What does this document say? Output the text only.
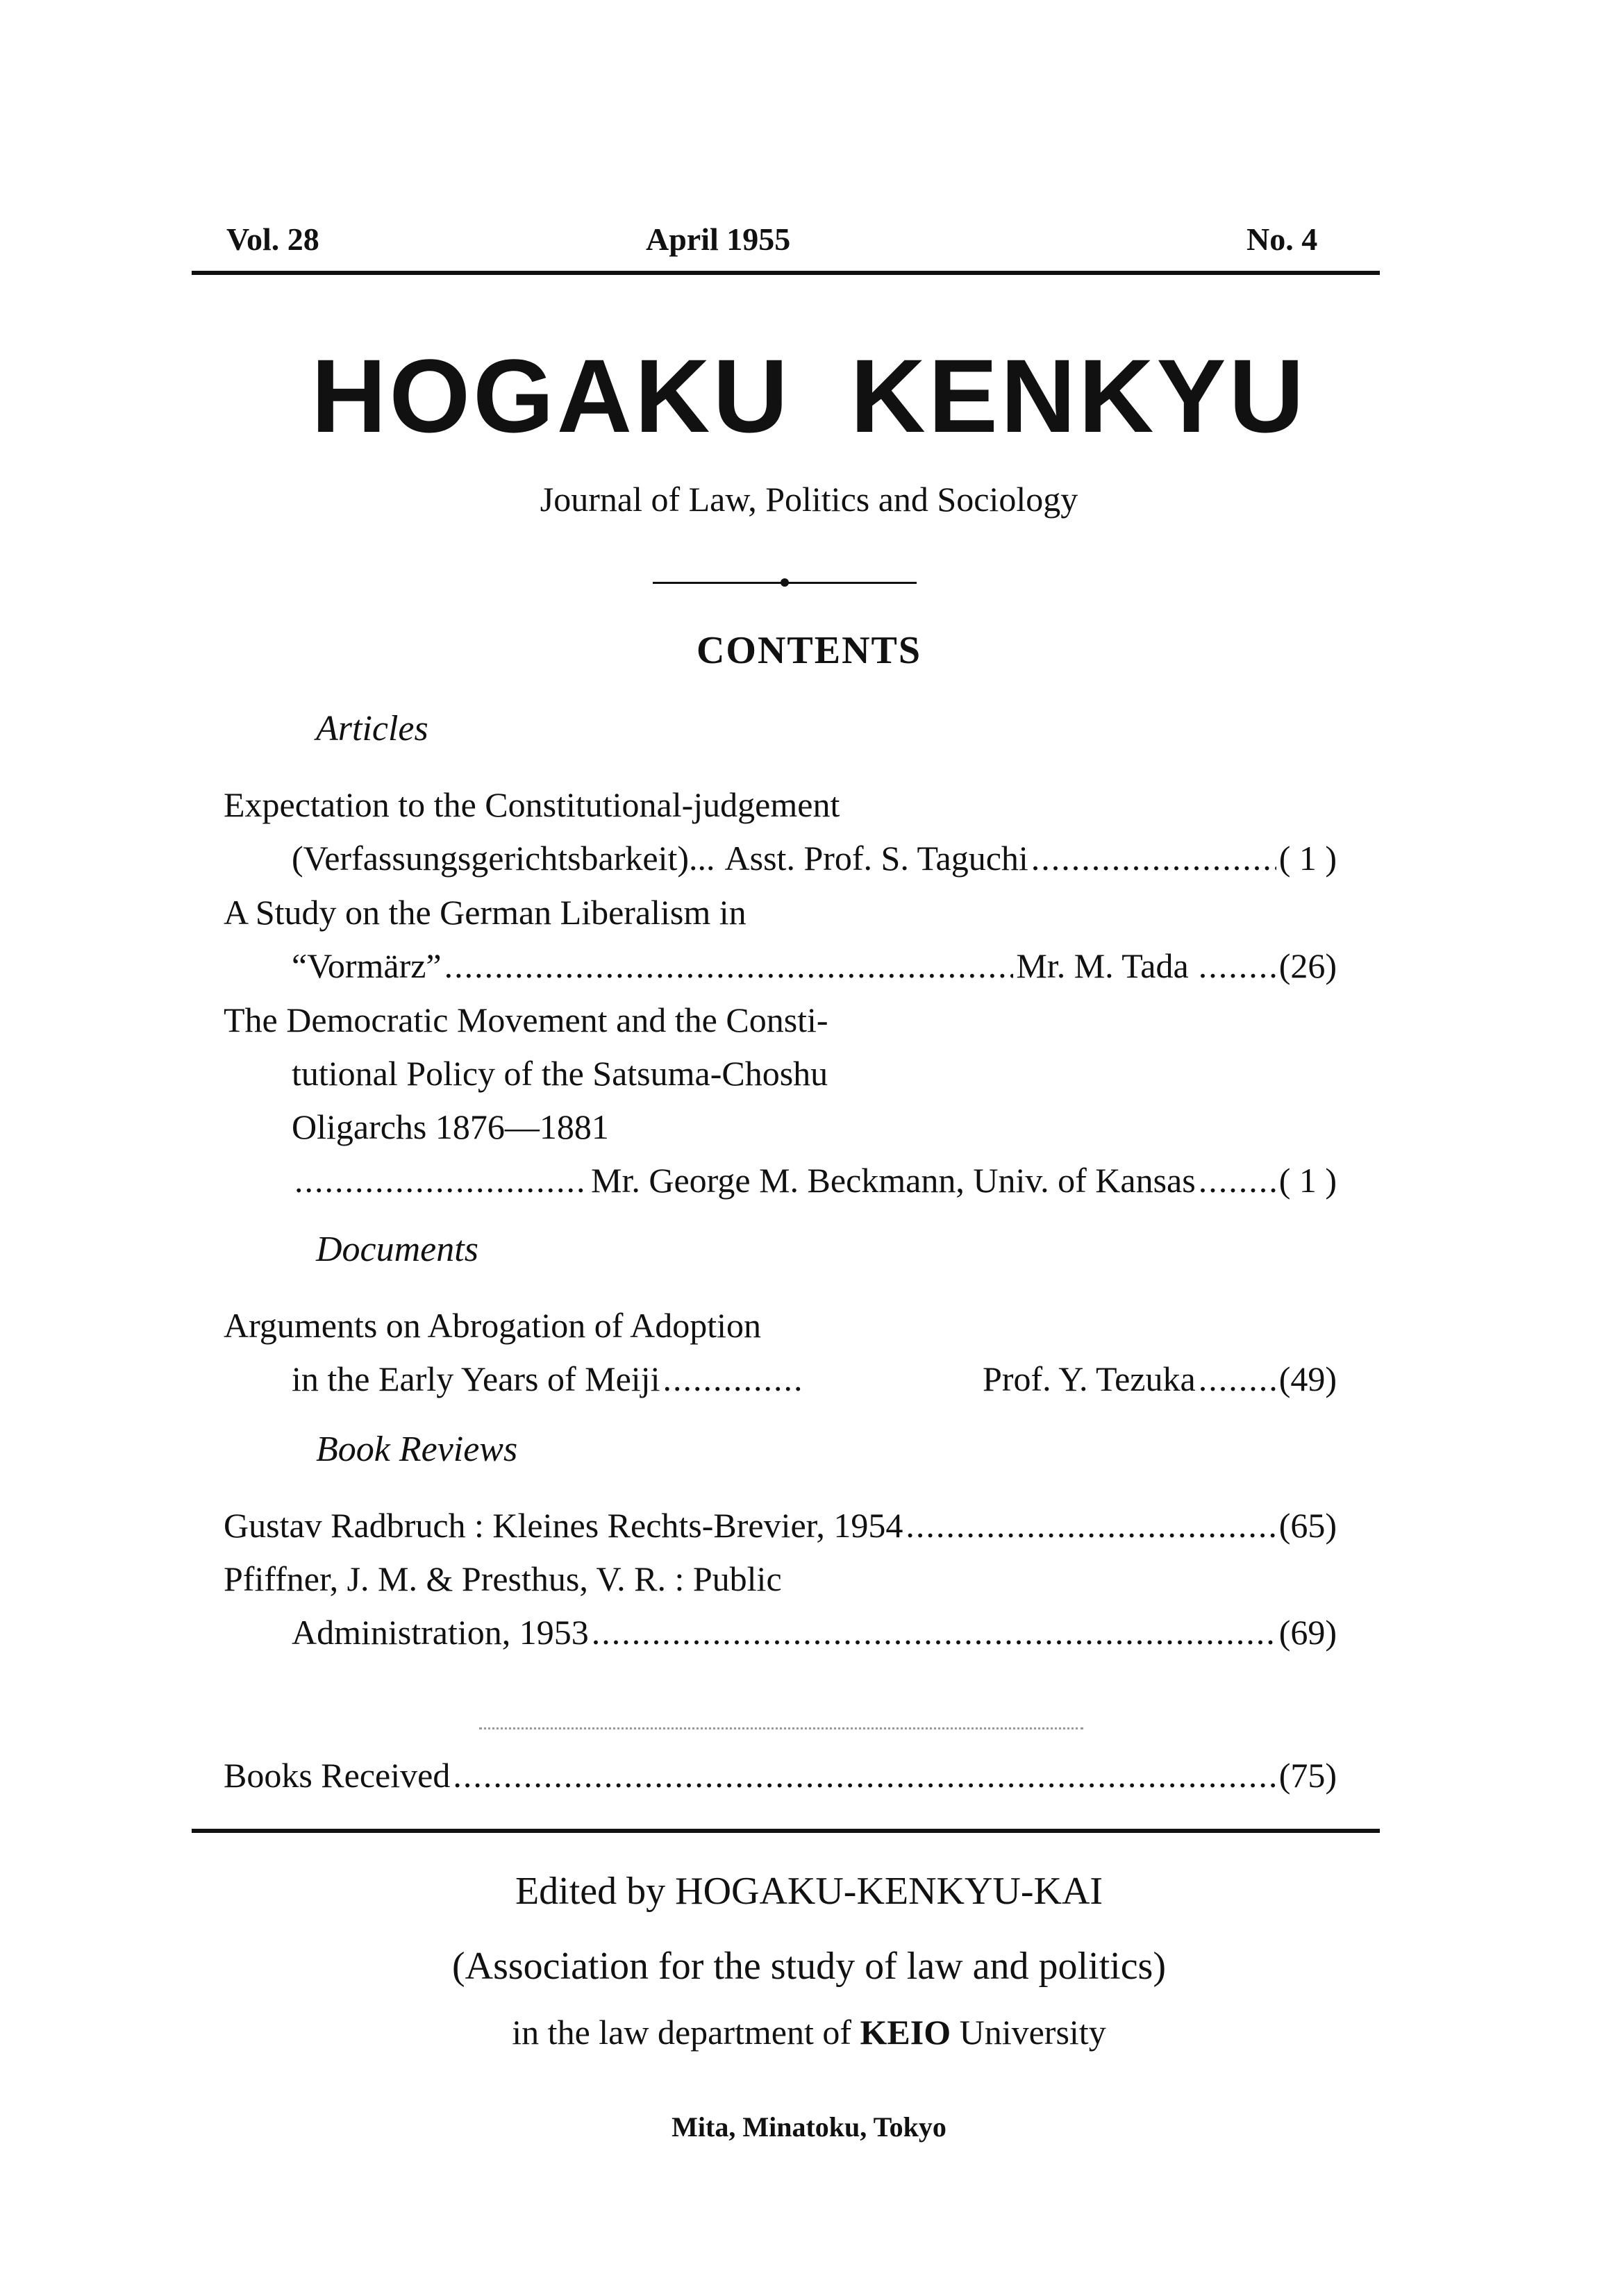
Vol. 28	April 1955	No. 4
HOGAKU KENKYU
Journal of Law, Politics and Sociology
CONTENTS
Articles
Expectation to the Constitutional-judgement
(Verfassungsgerichtsbarkeit)... Asst. Prof. S. Taguchi .....	( 1 )
A Study on the German Liberalism in
“Vormärz” .....	Mr. M. Tada .....	(26)
The Democratic Movement and the Consti-
tutional Policy of the Satsuma-Choshu
Oligarchs 1876—1881
.....
Mr. George M. Beckmann, Univ. of Kansas ..... ( 1 )
Documents
Arguments on Abrogation of Adoption
in the Early Years of Meiji .....	Prof. Y. Tezuka ..... (49)
Book Reviews
Gustav Radbruch : Kleines Rechts-Brevier, 1954 .....	(65)
Pfiffner, J. M. & Presthus, V. R. : Public
Administration, 1953 .....	(69)
Books Received .....	(75)
Edited by HOGAKU-KENKYU-KAI
(Association for the study of law and politics)
in the law department of KEIO University
Mita, Minatoku, Tokyo
